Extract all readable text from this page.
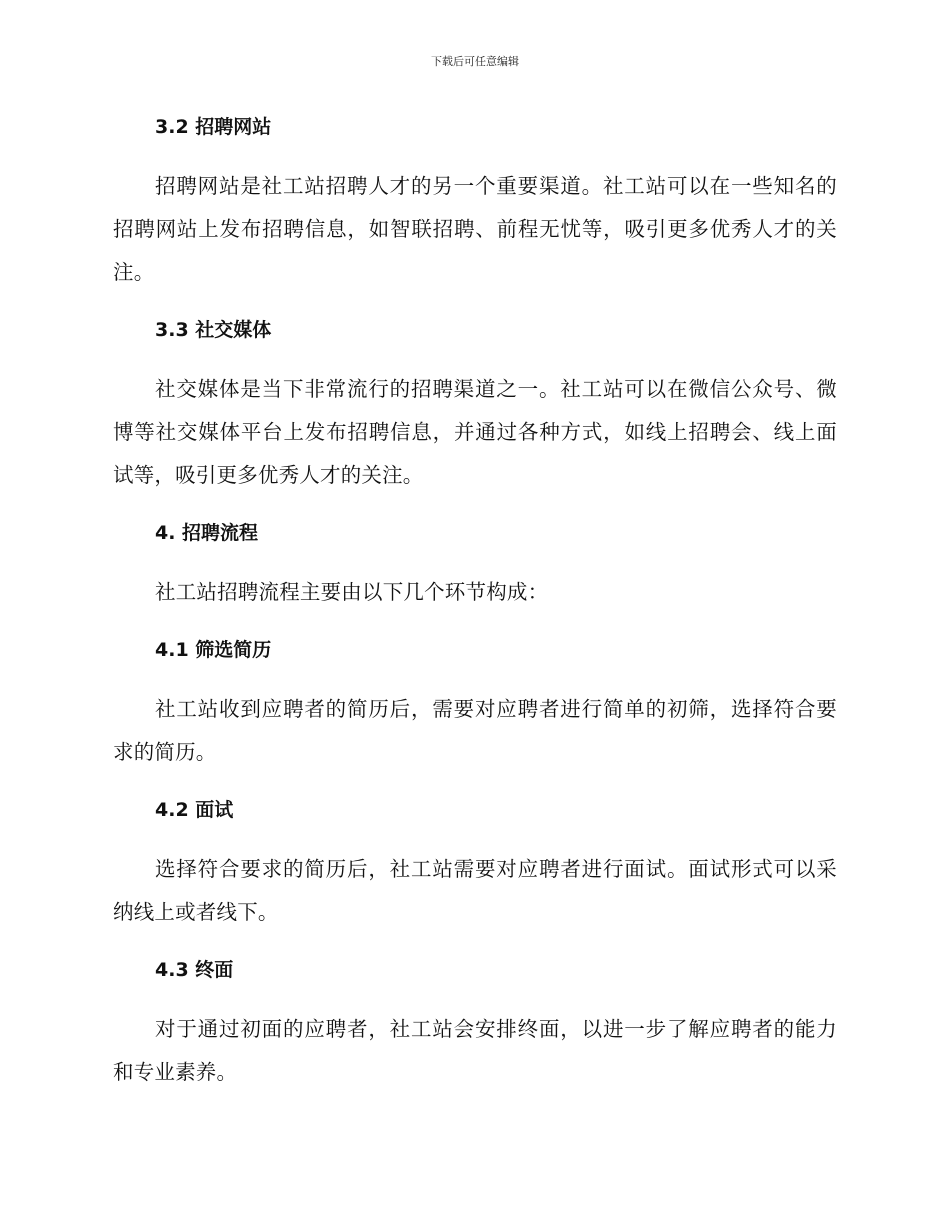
下载后可任意编辑
3.2 招聘网站

招聘网站是社工站招聘人才的另一个重要渠道。社工站可以在一些知名的招聘网站上发布招聘信息，如智联招聘、前程无忧等，吸引更多优秀人才的关注。

3.3 社交媒体

社交媒体是当下非常流行的招聘渠道之一。社工站可以在微信公众号、微博等社交媒体平台上发布招聘信息，并通过各种方式，如线上招聘会、线上面试等，吸引更多优秀人才的关注。

4. 招聘流程

社工站招聘流程主要由以下几个环节构成：

4.1 筛选简历

社工站收到应聘者的简历后，需要对应聘者进行简单的初筛，选择符合要求的简历。

4.2 面试

选择符合要求的简历后，社工站需要对应聘者进行面试。面试形式可以采纳线上或者线下。

4.3 终面

对于通过初面的应聘者，社工站会安排终面，以进一步了解应聘者的能力和专业素养。
